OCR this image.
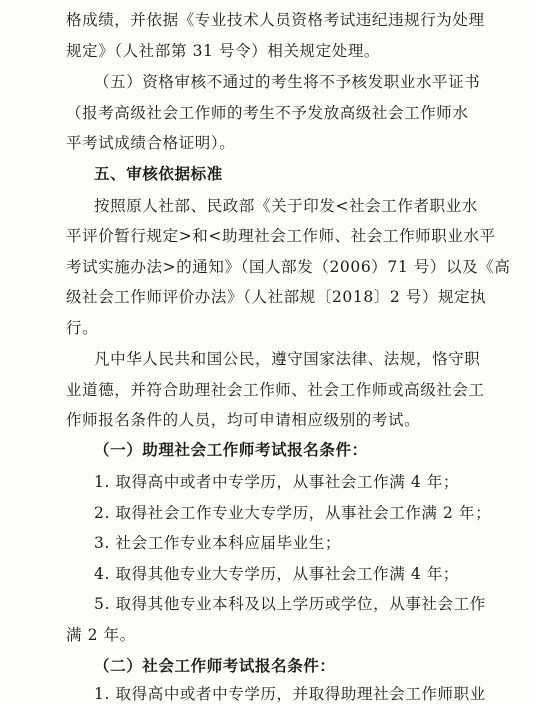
格成绩，并依据《专业技术人员资格考试违纪违规行为处理
规定》（人社部第 31 号令）相关规定处理。
（五）资格审核不通过的考生将不予核发职业水平证书
（报考高级社会工作师的考生不予发放高级社会工作师水
平考试成绩合格证明）。
五、审核依据标准
按照原人社部、民政部《关于印发<社会工作者职业水
平评价暂行规定>和<助理社会工作师、社会工作师职业水平
考试实施办法>的通知》（国人部发（2006）71 号）以及《高
级社会工作师评价办法》（人社部规〔2018〕2 号）规定执
行。
凡中华人民共和国公民，遵守国家法律、法规，恪守职
业道德，并符合助理社会工作师、社会工作师或高级社会工
作师报名条件的人员，均可申请相应级别的考试。
（一）助理社会工作师考试报名条件：
1. 取得高中或者中专学历，从事社会工作满 4 年；
2. 取得社会工作专业大专学历，从事社会工作满 2 年；
3. 社会工作专业本科应届毕业生；
4. 取得其他专业大专学历，从事社会工作满 4 年；
5. 取得其他专业本科及以上学历或学位，从事社会工作
满 2 年。
（二）社会工作师考试报名条件：
1. 取得高中或者中专学历，并取得助理社会工作师职业
